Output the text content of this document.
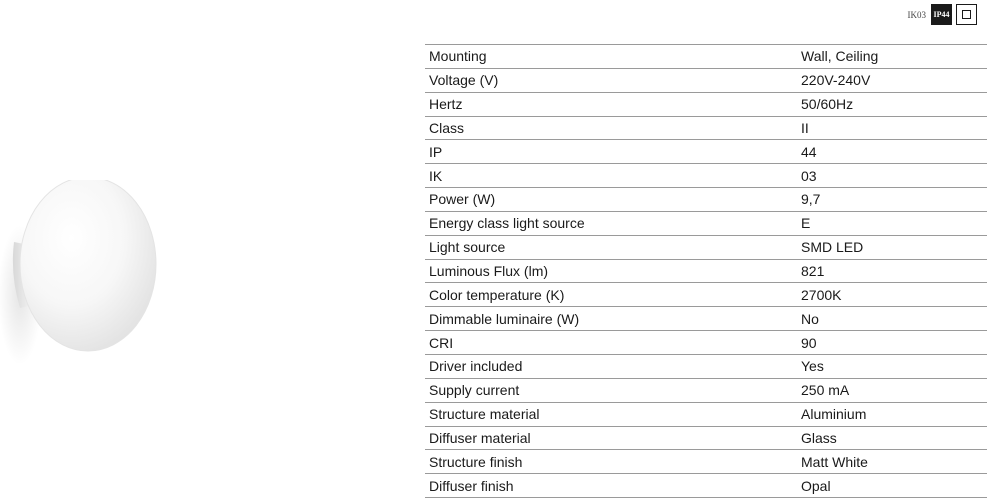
IK03 IP44
Mounting	Wall, Ceiling
Voltage (V)	220V-240V
Hertz	50/60Hz
Class	II
IP	44
IK	03
Power (W)	9,7
Energy class light source	E
Light source	SMD LED
Luminous Flux (lm)	821
Color temperature (K)	2700K
Dimmable luminaire (W)	No
CRI	90
Driver included	Yes
Supply current	250 mA
Structure material	Aluminium
Diffuser material	Glass
Structure finish	Matt White
Diffuser finish	Opal
